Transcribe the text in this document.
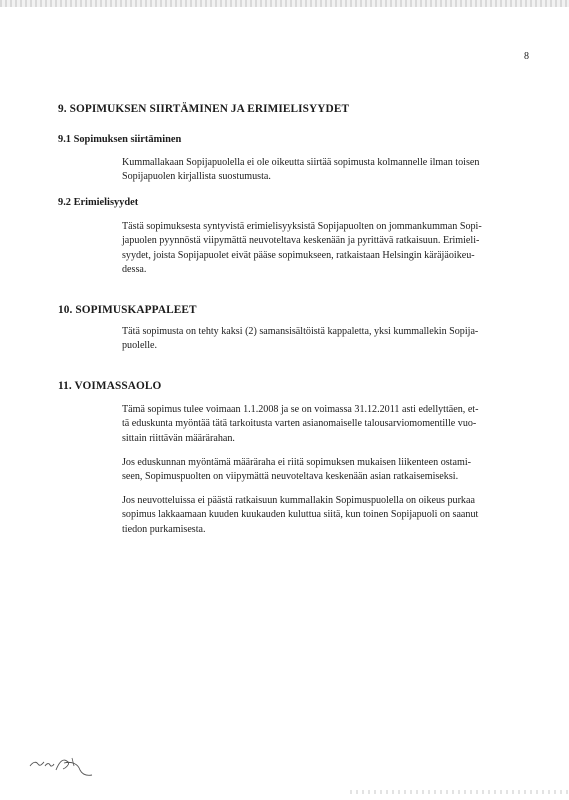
8
9. SOPIMUKSEN SIIRTÄMINEN JA ERIMIELISYYDET
9.1 Sopimuksen siirtäminen

Kummallakaan Sopijapuolella ei ole oikeutta siirtää sopimusta kolmannelle ilman toisen
Sopijapuolen kirjallista suostumusta.

9.2 Erimielisyydet

Tästä sopimuksesta syntyvistä erimielisyyksistä Sopijapuolten on jommankumman Sopi-
japuolen pyynnöstä viipymättä neuvoteltava keskenään ja pyrittävä ratkaisuun. Erimieli-
syydet, joista Sopijapuolet eivät pääse sopimukseen, ratkaistaan Helsingin käräjäoikeu-
dessa.

10. SOPIMUSKAPPALEET

Tätä sopimusta on tehty kaksi (2) samansisältöistä kappaletta, yksi kummallekin Sopija-
puolelle.

11. VOIMASSAOLO

Tämä sopimus tulee voimaan 1.1.2008 ja se on voimassa 31.12.2011 asti edellyttäen, et-
tä eduskunta myöntää tätä tarkoitusta varten asianomaiselle talousarviomomentille vuo-
sittain riittävän määrärahan.

Jos eduskunnan myöntämä määräraha ei riitä sopimuksen mukaisen liikenteen ostami-
seen, Sopimuspuolten on viipymättä neuvoteltava keskenään asian ratkaisemiseksi.

Jos neuvotteluissa ei päästä ratkaisuun kummallakin Sopimuspuolella on oikeus purkaa
sopimus lakkaamaan kuuden kuukauden kuluttua siitä, kun toinen Sopijapuoli on saanut
tiedon purkamisesta.
